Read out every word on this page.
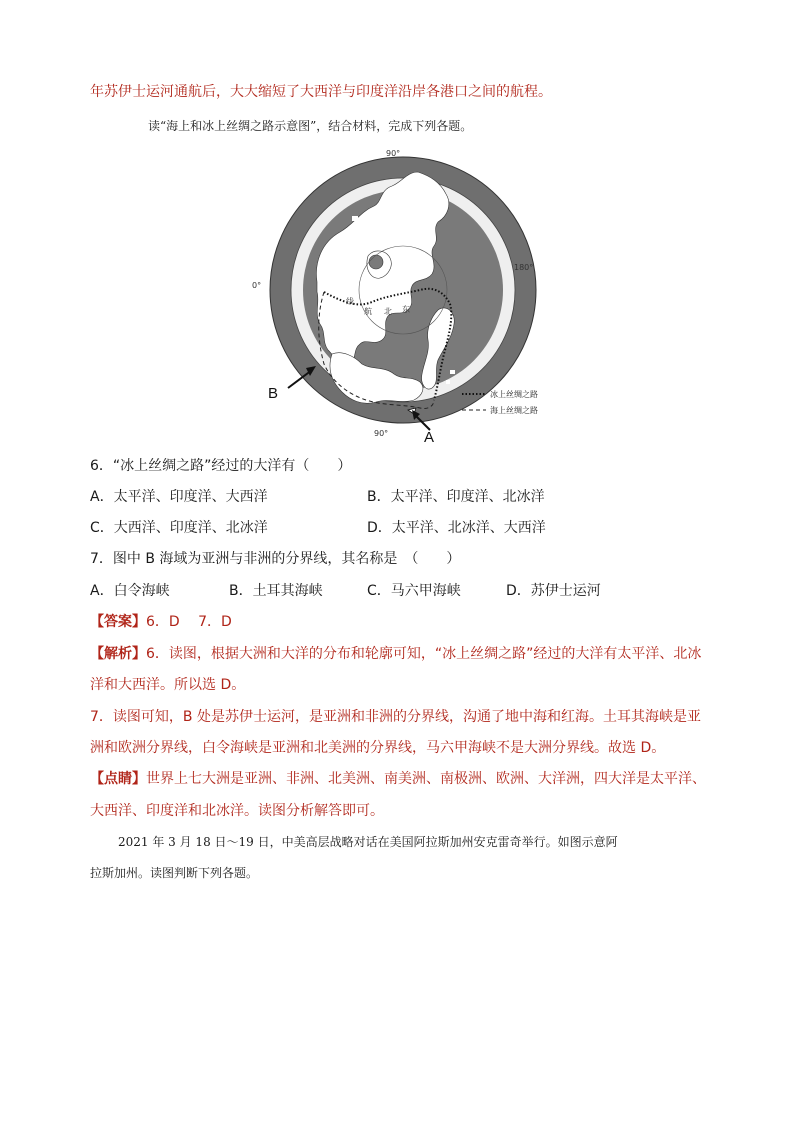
年苏伊士运河通航后，大大缩短了大西洋与印度洋沿岸各港口之间的航程。
读“海上和冰上丝绸之路示意图”，结合材料，完成下列各题。
90°
0°
180°
90°
线
航 北 东
B
A
冰上丝绸之路
海上丝绸之路
6．“冰上丝绸之路”经过的大洋有（　　）
A．太平洋、印度洋、大西洋	B．太平洋、印度洋、北冰洋
C．大西洋、印度洋、北冰洋	D．太平洋、北冰洋、大西洋
7．图中 B 海域为亚洲与非洲的分界线，其名称是　（　　）
A．白令海峡	B．土耳其海峡	C．马六甲海峡	D．苏伊士运河
【答案】6．D　 7．D
【解析】6．读图，根据大洲和大洋的分布和轮廓可知，“冰上丝绸之路”经过的大洋有太平洋、北冰
洋和大西洋。所以选 D。
7．读图可知，B 处是苏伊士运河，是亚洲和非洲的分界线，沟通了地中海和红海。土耳其海峡是亚
洲和欧洲分界线，白令海峡是亚洲和北美洲的分界线，马六甲海峡不是大洲分界线。故选 D。
【点睛】世界上七大洲是亚洲、非洲、北美洲、南美洲、南极洲、欧洲、大洋洲，四大洋是太平洋、
大西洋、印度洋和北冰洋。读图分析解答即可。
2021 年 3 月 18 日～19 日，中美高层战略对话在美国阿拉斯加州安克雷奇举行。如图示意阿
拉斯加州。读图判断下列各题。
